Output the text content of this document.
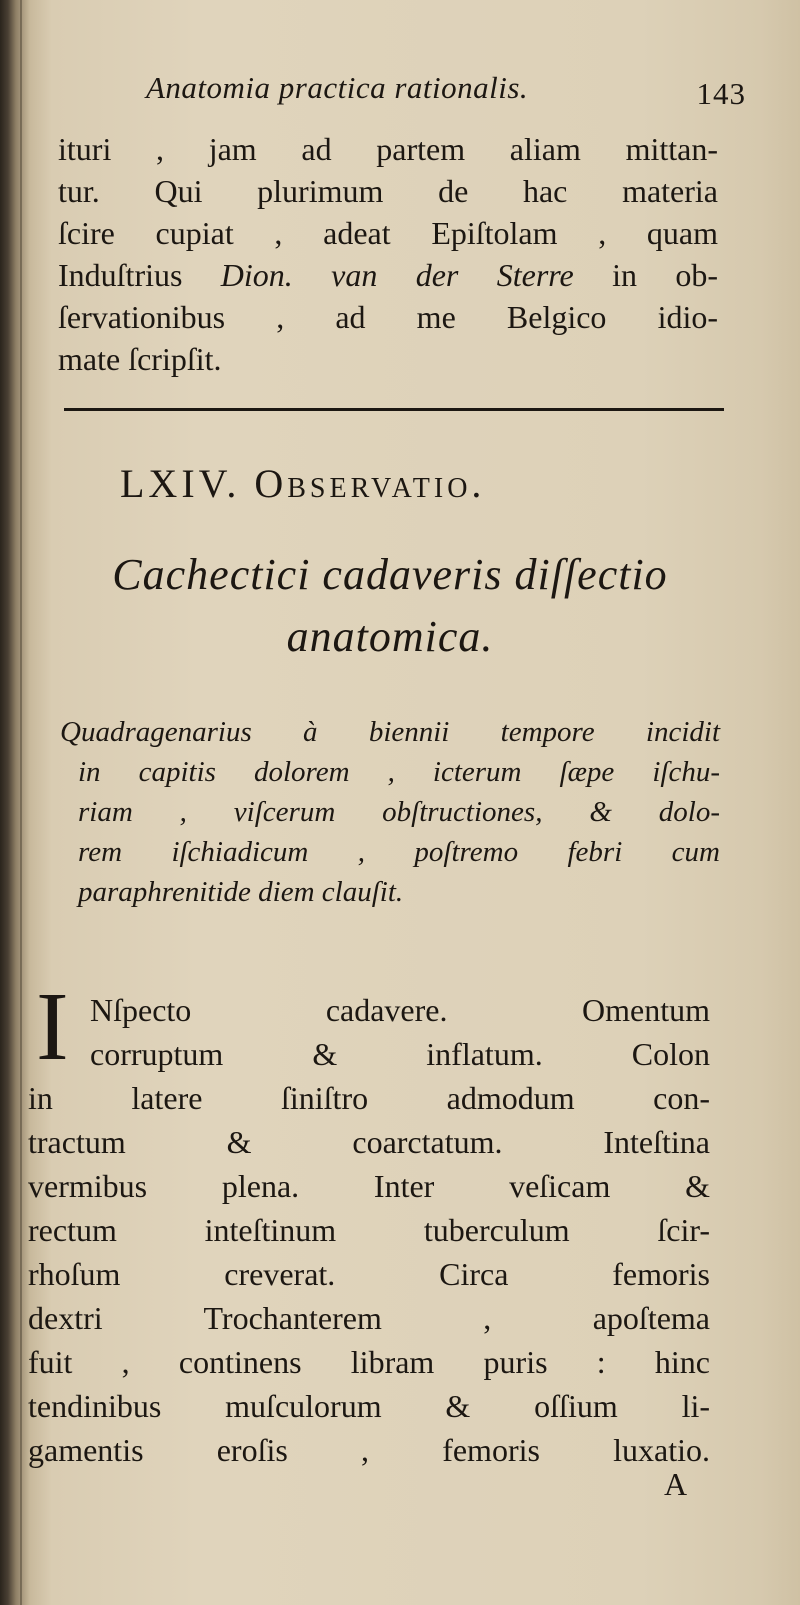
Anatomia practica rationalis.	143
ituri , jam ad partem aliam mittan-
tur. Qui plurimum de hac materia
ſcire cupiat , adeat Epiſtolam , quam
Induſtrius Dion. van der Sterre in ob-
ſervationibus , ad me Belgico idio-
mate ſcripſit.
LXIV. Observatio.
Cachectici cadaveris diſſectio
anatomica.
Quadragenarius à biennii tempore incidit
in capitis dolorem , icterum ſæpe iſchu-
riam , viſcerum obſtructiones, & dolo-
rem iſchiadicum , poſtremo febri cum
paraphrenitide diem clauſit.
I Nſpecto cadavere. Omentum
corruptum & inflatum. Colon
in latere ſiniſtro admodum con-
tractum & coarctatum. Inteſtina
vermibus plena. Inter veſicam &
rectum inteſtinum tuberculum ſcir-
rhoſum creverat. Circa femoris
dextri Trochanterem , apoſtema
fuit , continens libram puris : hinc
tendinibus muſculorum & oſſium li-
gamentis eroſis , femoris luxatio.
A
